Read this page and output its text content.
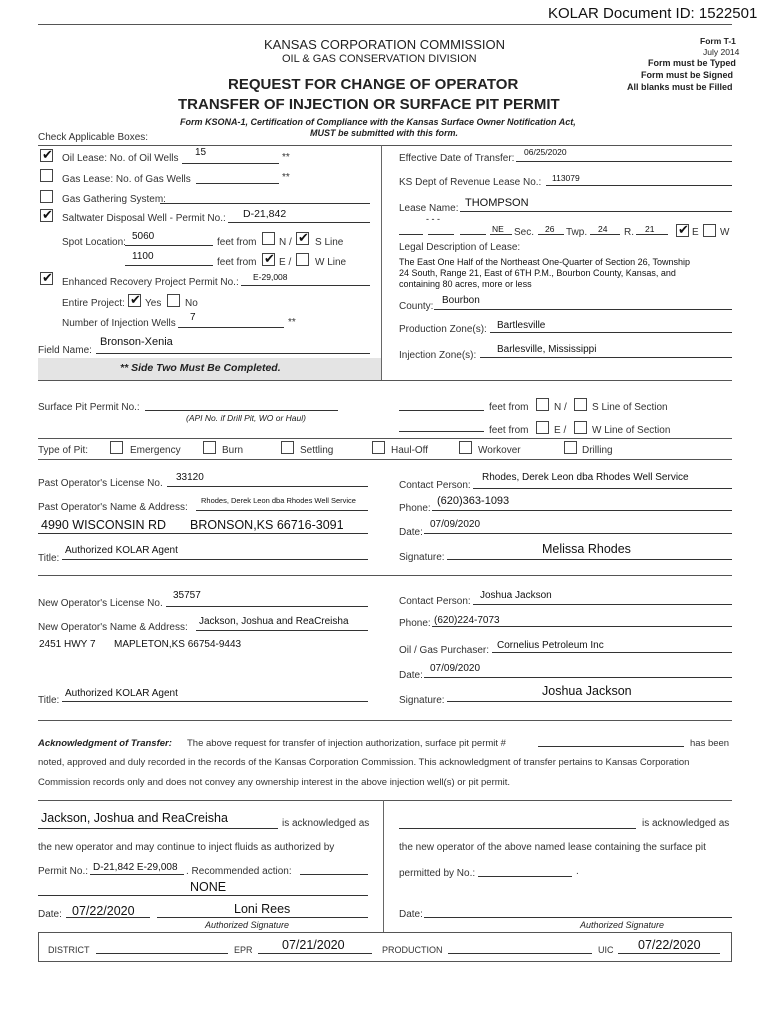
KOLAR Document ID: 1522501
KANSAS CORPORATION COMMISSION
OIL & GAS CONSERVATION DIVISION
Form T-1
July 2014
Form must be Typed
Form must be Signed
All blanks must be Filled
REQUEST FOR CHANGE OF OPERATOR
TRANSFER OF INJECTION OR SURFACE PIT PERMIT
Form KSONA-1, Certification of Compliance with the Kansas Surface Owner Notification Act,
MUST be submitted with this form.
Check Applicable Boxes:
✔ Oil Lease: No. of Oil Wells
15	**
Gas Lease: No. of Gas Wells	**
Gas Gathering System:
✔ Saltwater Disposal Well - Permit No.: D-21,842
Spot Location:
5060
feet from N / ✔ S Line
1100
feet from ✔ E / W Line
✔ Enhanced Recovery Project Permit No.: E-29,008
Entire Project: ✔ Yes No
Number of Injection Wells
7	**
Field Name:
Bronson-Xenia
** Side Two Must Be Completed.
Effective Date of Transfer:
06/25/2020
KS Dept of Revenue Lease No.: 113079
Lease Name: THOMPSON
- - -
NE Sec. 26 Twp. 24 R. 21 ✔ E W
Legal Description of Lease:
The East One Half of the Northeast One-Quarter of Section 26, Township
24 South, Range 21, East of 6TH P.M., Bourbon County, Kansas, and
containing 80 acres, more or less
County:
Bourbon
Production Zone(s): Bartlesville
Injection Zone(s):
Barlesville, Mississippi
Surface Pit Permit No.:
(API No. if Drill Pit, WO or Haul)
feet from	N /	S Line of Section
feet from	E /	W Line of Section
Type of Pit:	Emergency	Burn	Settling	Haul-Off	Workover	Drilling
Past Operator's License No.
33120
Past Operator's Name & Address:
Rhodes, Derek Leon dba Rhodes Well Service
4990 WISCONSIN RD BRONSON,KS 66716-3091
Title:
Authorized KOLAR Agent
Contact Person:
Rhodes, Derek Leon dba Rhodes Well Service
Phone:
(620)363-1093
Date:
07/09/2020
Signature:
Melissa Rhodes
New Operator's License No.
35757
New Operator's Name & Address:
Jackson, Joshua and ReaCreisha
2451 HWY 7 MAPLETON,KS 66754-9443
Title:
Authorized KOLAR Agent
Contact Person:
Joshua Jackson
Phone: (620)224-7073
Oil / Gas Purchaser: Cornelius Petroleum Inc
Date:
07/09/2020
Signature:
Joshua Jackson
Acknowledgment of Transfer: The above request for transfer of injection authorization, surface pit permit #	has been
noted, approved and duly recorded in the records of the Kansas Corporation Commission. This acknowledgment of transfer pertains to Kansas Corporation
Commission records only and does not convey any ownership interest in the above injection well(s) or pit permit.
Jackson, Joshua and ReaCreisha	is acknowledged as
the new operator and may continue to inject fluids as authorized by
Permit No.: D-21,842 E-29,008 . Recommended action:
NONE
Date: 07/22/2020	Loni Rees
Authorized Signature
is acknowledged as
the new operator of the above named lease containing the surface pit
permitted by No.:	.
Date:
Authorized Signature
DISTRICT	EPR 07/21/2020	PRODUCTION	UIC 07/22/2020
